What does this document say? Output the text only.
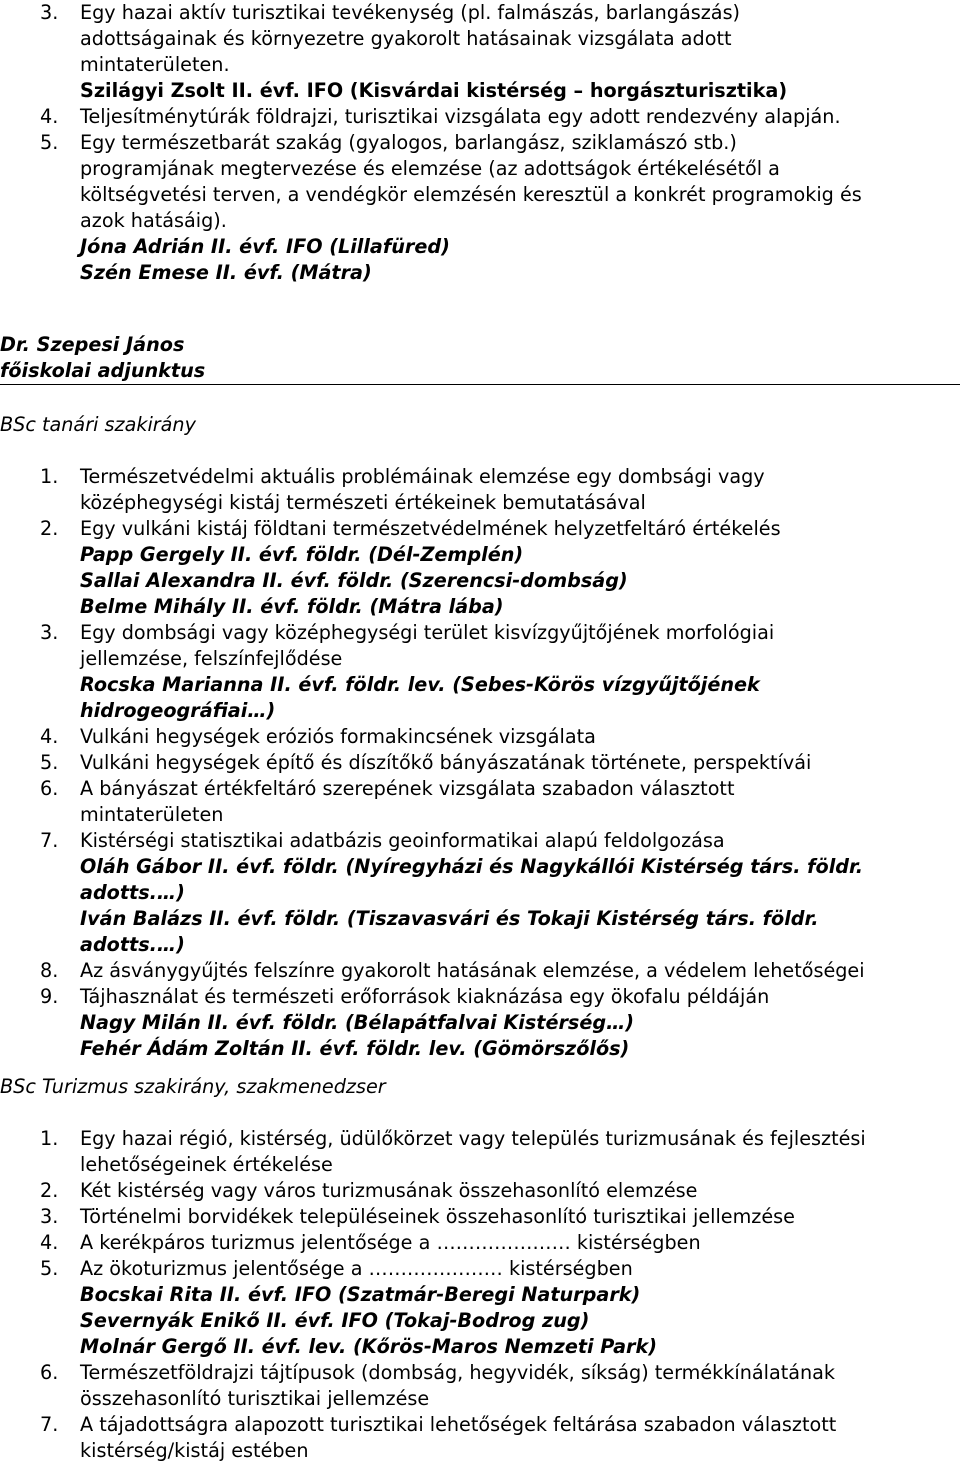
3. Egy hazai aktív turisztikai tevékenység (pl. falmászás, barlangászás)
adottságainak és környezetre gyakorolt hatásainak vizsgálata adott
mintaterületen.
Szilágyi Zsolt II. évf. IFO (Kisvárdai kistérség – horgászturisztika)
4. Teljesítménytúrák földrajzi, turisztikai vizsgálata egy adott rendezvény alapján.
5. Egy természetbarát szakág (gyalogos, barlangász, sziklamászó stb.)
programjának megtervezése és elemzése (az adottságok értékelésétől a
költségvetési terven, a vendégkör elemzésén keresztül a konkrét programokig és
azok hatásáig).
Jóna Adrián II. évf. IFO (Lillafüred)
Szén Emese II. évf. (Mátra)
Dr. Szepesi János
főiskolai adjunktus
BSc tanári szakirány
1. Természetvédelmi aktuális problémáinak elemzése egy dombsági vagy
középhegységi kistáj természeti értékeinek bemutatásával
2. Egy vulkáni kistáj földtani természetvédelmének helyzetfeltáró értékelés
Papp Gergely II. évf. földr. (Dél-Zemplén)
Sallai Alexandra II. évf. földr. (Szerencsi-dombság)
Belme Mihály II. évf. földr. (Mátra lába)
3. Egy dombsági vagy középhegységi terület kisvízgyűjtőjének morfológiai
jellemzése, felszínfejlődése
Rocska Marianna II. évf. földr. lev. (Sebes-Körös vízgyűjtőjének
hidrogeográfiai…)
4. Vulkáni hegységek eróziós formakincsének vizsgálata
5. Vulkáni hegységek építő és díszítőkő bányászatának története, perspektívái
6. A bányászat értékfeltáró szerepének vizsgálata szabadon választott
mintaterületen
7. Kistérségi statisztikai adatbázis geoinformatikai alapú feldolgozása
Oláh Gábor II. évf. földr. (Nyíregyházi és Nagykállói Kistérség társ. földr.
adotts.…)
Iván Balázs II. évf. földr. (Tiszavasvári és Tokaji Kistérség társ. földr.
adotts.…)
8. Az ásványgyűjtés felszínre gyakorolt hatásának elemzése, a védelem lehetőségei
9. Tájhasználat és természeti erőforrások kiaknázása egy ökofalu példáján
Nagy Milán II. évf. földr. (Bélapátfalvai Kistérség…)
Fehér Ádám Zoltán II. évf. földr. lev. (Gömörszőlős)
BSc Turizmus szakirány, szakmenedzser
1. Egy hazai régió, kistérség, üdülőkörzet vagy település turizmusának és fejlesztési
lehetőségeinek értékelése
2. Két kistérség vagy város turizmusának összehasonlító elemzése
3. Történelmi borvidékek településeinek összehasonlító turisztikai jellemzése
4. A kerékpáros turizmus jelentősége a ………………… kistérségben
5. Az ökoturizmus jelentősége a ………………… kistérségben
Bocskai Rita II. évf. IFO (Szatmár-Beregi Naturpark)
Severnyák Enikő II. évf. IFO (Tokaj-Bodrog zug)
Molnár Gergő II. évf. lev. (Kőrös-Maros Nemzeti Park)
6. Természetföldrajzi tájtípusok (dombság, hegyvidék, síkság) termékkínálatának
összehasonlító turisztikai jellemzése
7. A tájadottságra alapozott turisztikai lehetőségek feltárása szabadon választott
kistérség/kistáj estében
